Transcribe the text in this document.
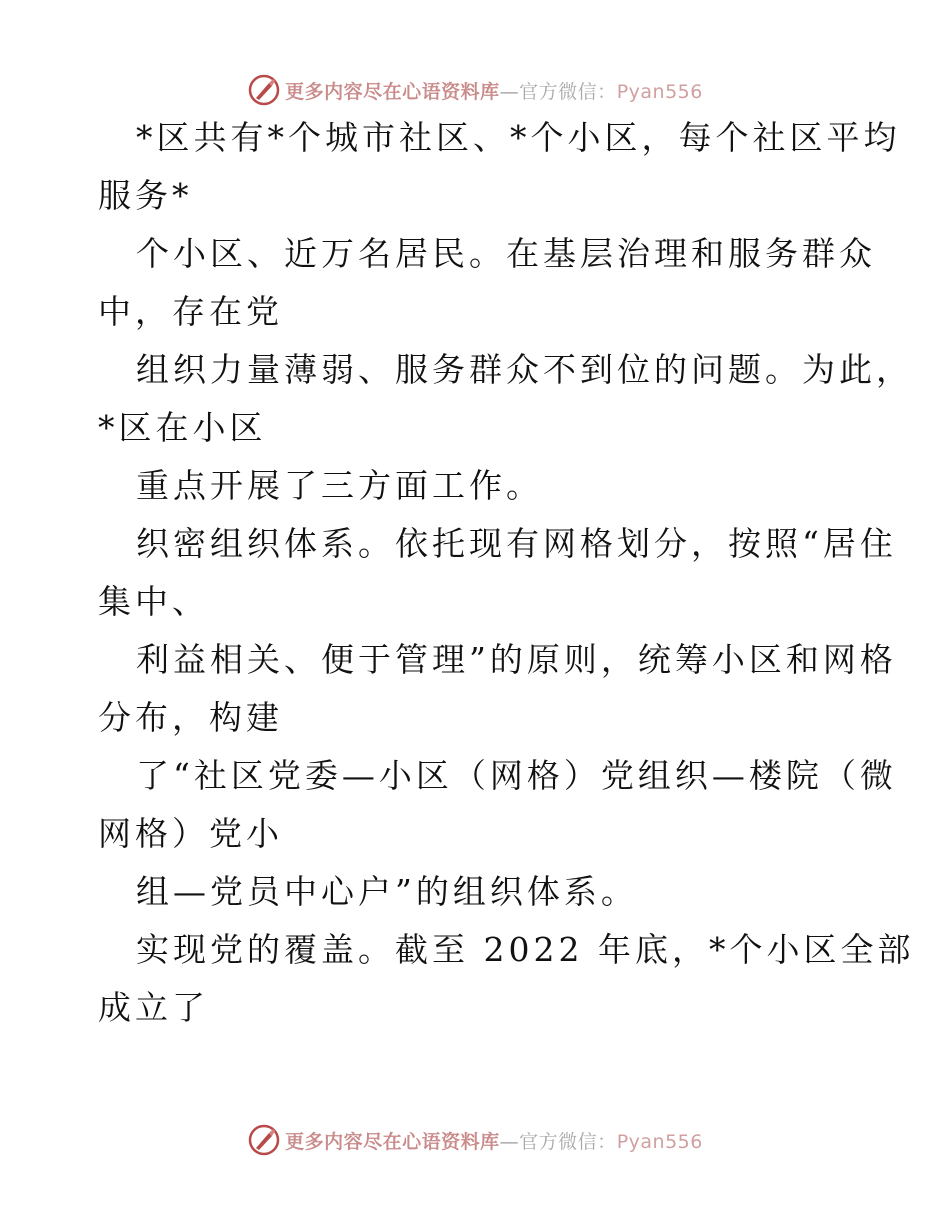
更多内容尽在心语资料库—官方微信：Pyan556
*区共有*个城市社区、*个小区，每个社区平均
服务*
个小区、近万名居民。在基层治理和服务群众
中，存在党
组织力量薄弱、服务群众不到位的问题。为此，
*区在小区
重点开展了三方面工作。
织密组织体系。依托现有网格划分，按照“居住
集中、
利益相关、便于管理”的原则，统筹小区和网格
分布，构建
了“社区党委—小区（网格）党组织—楼院（微
网格）党小
组—党员中心户”的组织体系。
实现党的覆盖。截至 2022 年底，*个小区全部
成立了
更多内容尽在心语资料库—官方微信：Pyan556
